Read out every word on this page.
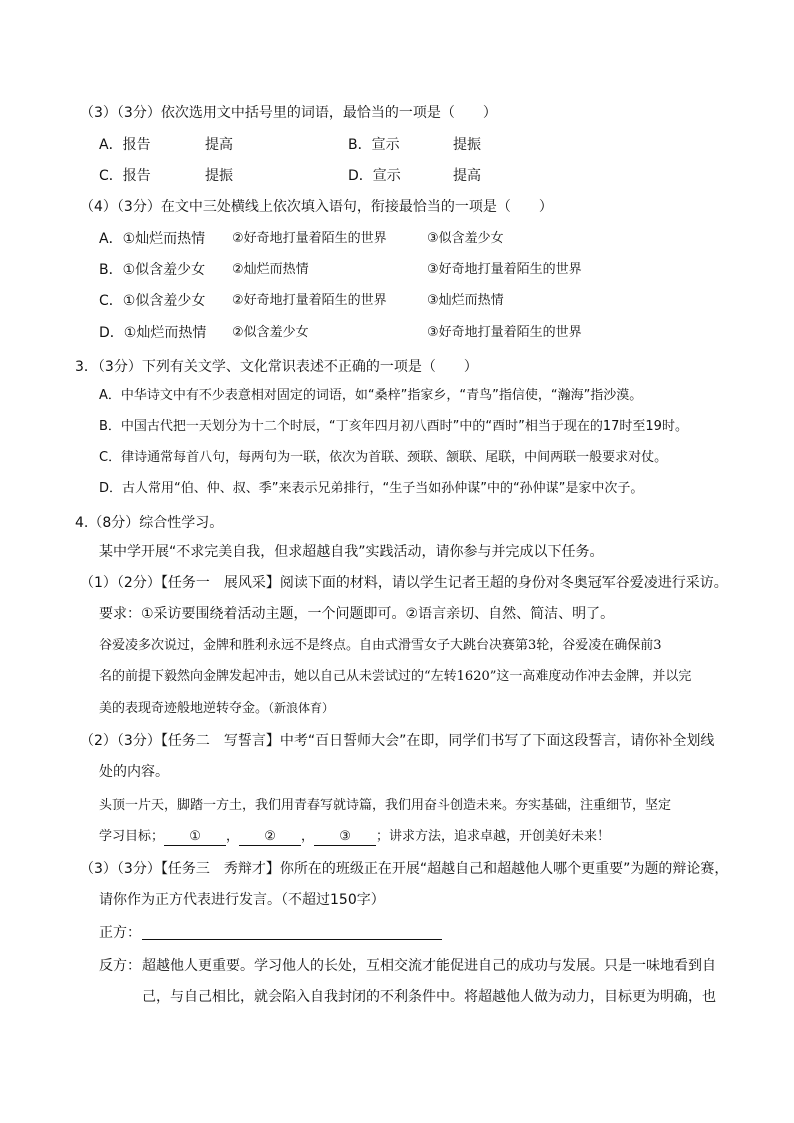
（3）（3分）依次选用文中括号里的词语，最恰当的一项是（　　）
A．报告	提高	B．宣示	提振
C．报告	提振	D．宣示	提高
（4）（3分）在文中三处横线上依次填入语句，衔接最恰当的一项是（　　）
A．①灿烂而热情 ②好奇地打量着陌生的世界	③似含羞少女
B．①似含羞少女 ②灿烂而热情	③好奇地打量着陌生的世界
C．①似含羞少女 ②好奇地打量着陌生的世界	③灿烂而热情
D．①灿烂而热情 ②似含羞少女	③好奇地打量着陌生的世界
3．（3分）下列有关文学、文化常识表述不正确的一项是（　　）
A．中华诗文中有不少表意相对固定的词语，如“桑梓”指家乡，“青鸟”指信使，“瀚海”指沙漠。
B．中国古代把一天划分为十二个时辰，“丁亥年四月初八酉时”中的“酉时”相当于现在的17时至19时。
C．律诗通常每首八句，每两句为一联，依次为首联、颈联、颔联、尾联，中间两联一般要求对仗。
D．古人常用“伯、仲、叔、季”来表示兄弟排行，“生子当如孙仲谋”中的“孙仲谋”是家中次子。
4.（8分）综合性学习。
某中学开展“不求完美自我，但求超越自我”实践活动，请你参与并完成以下任务。
（1）（2分）【任务一　展风采】阅读下面的材料，请以学生记者王超的身份对冬奥冠军谷爱凌进行采访。
要求：①采访要围绕着活动主题，一个问题即可。②语言亲切、自然、简洁、明了。
谷爱凌多次说过，金牌和胜利永远不是终点。自由式滑雪女子大跳台决赛第3轮，谷爱凌在确保前3
名的前提下毅然向金牌发起冲击，她以自己从未尝试过的“左转1620”这一高难度动作冲去金牌，并以完
美的表现奇迹般地逆转夺金。（新浪体育）
（2）（3分）【任务二　写誓言】中考“百日誓师大会”在即，同学们书写了下面这段誓言，请你补全划线
处的内容。
头顶一片天，脚踏一方土，我们用青春写就诗篇，我们用奋斗创造未来。夯实基础，注重细节，坚定
学习目标； ① ， ② ， ③ ；讲求方法，追求卓越，开创美好未来！
（3）（3分）【任务三　秀辩才】你所在的班级正在开展“超越自己和超越他人哪个更重要”为题的辩论赛，
请你作为正方代表进行发言。（不超过150字）
正方：
反方： 超越他人更重要。学习他人的长处，互相交流才能促进自己的成功与发展。只是一味地看到自
己，与自己相比，就会陷入自我封闭的不利条件中。将超越他人做为动力，目标更为明确，也
